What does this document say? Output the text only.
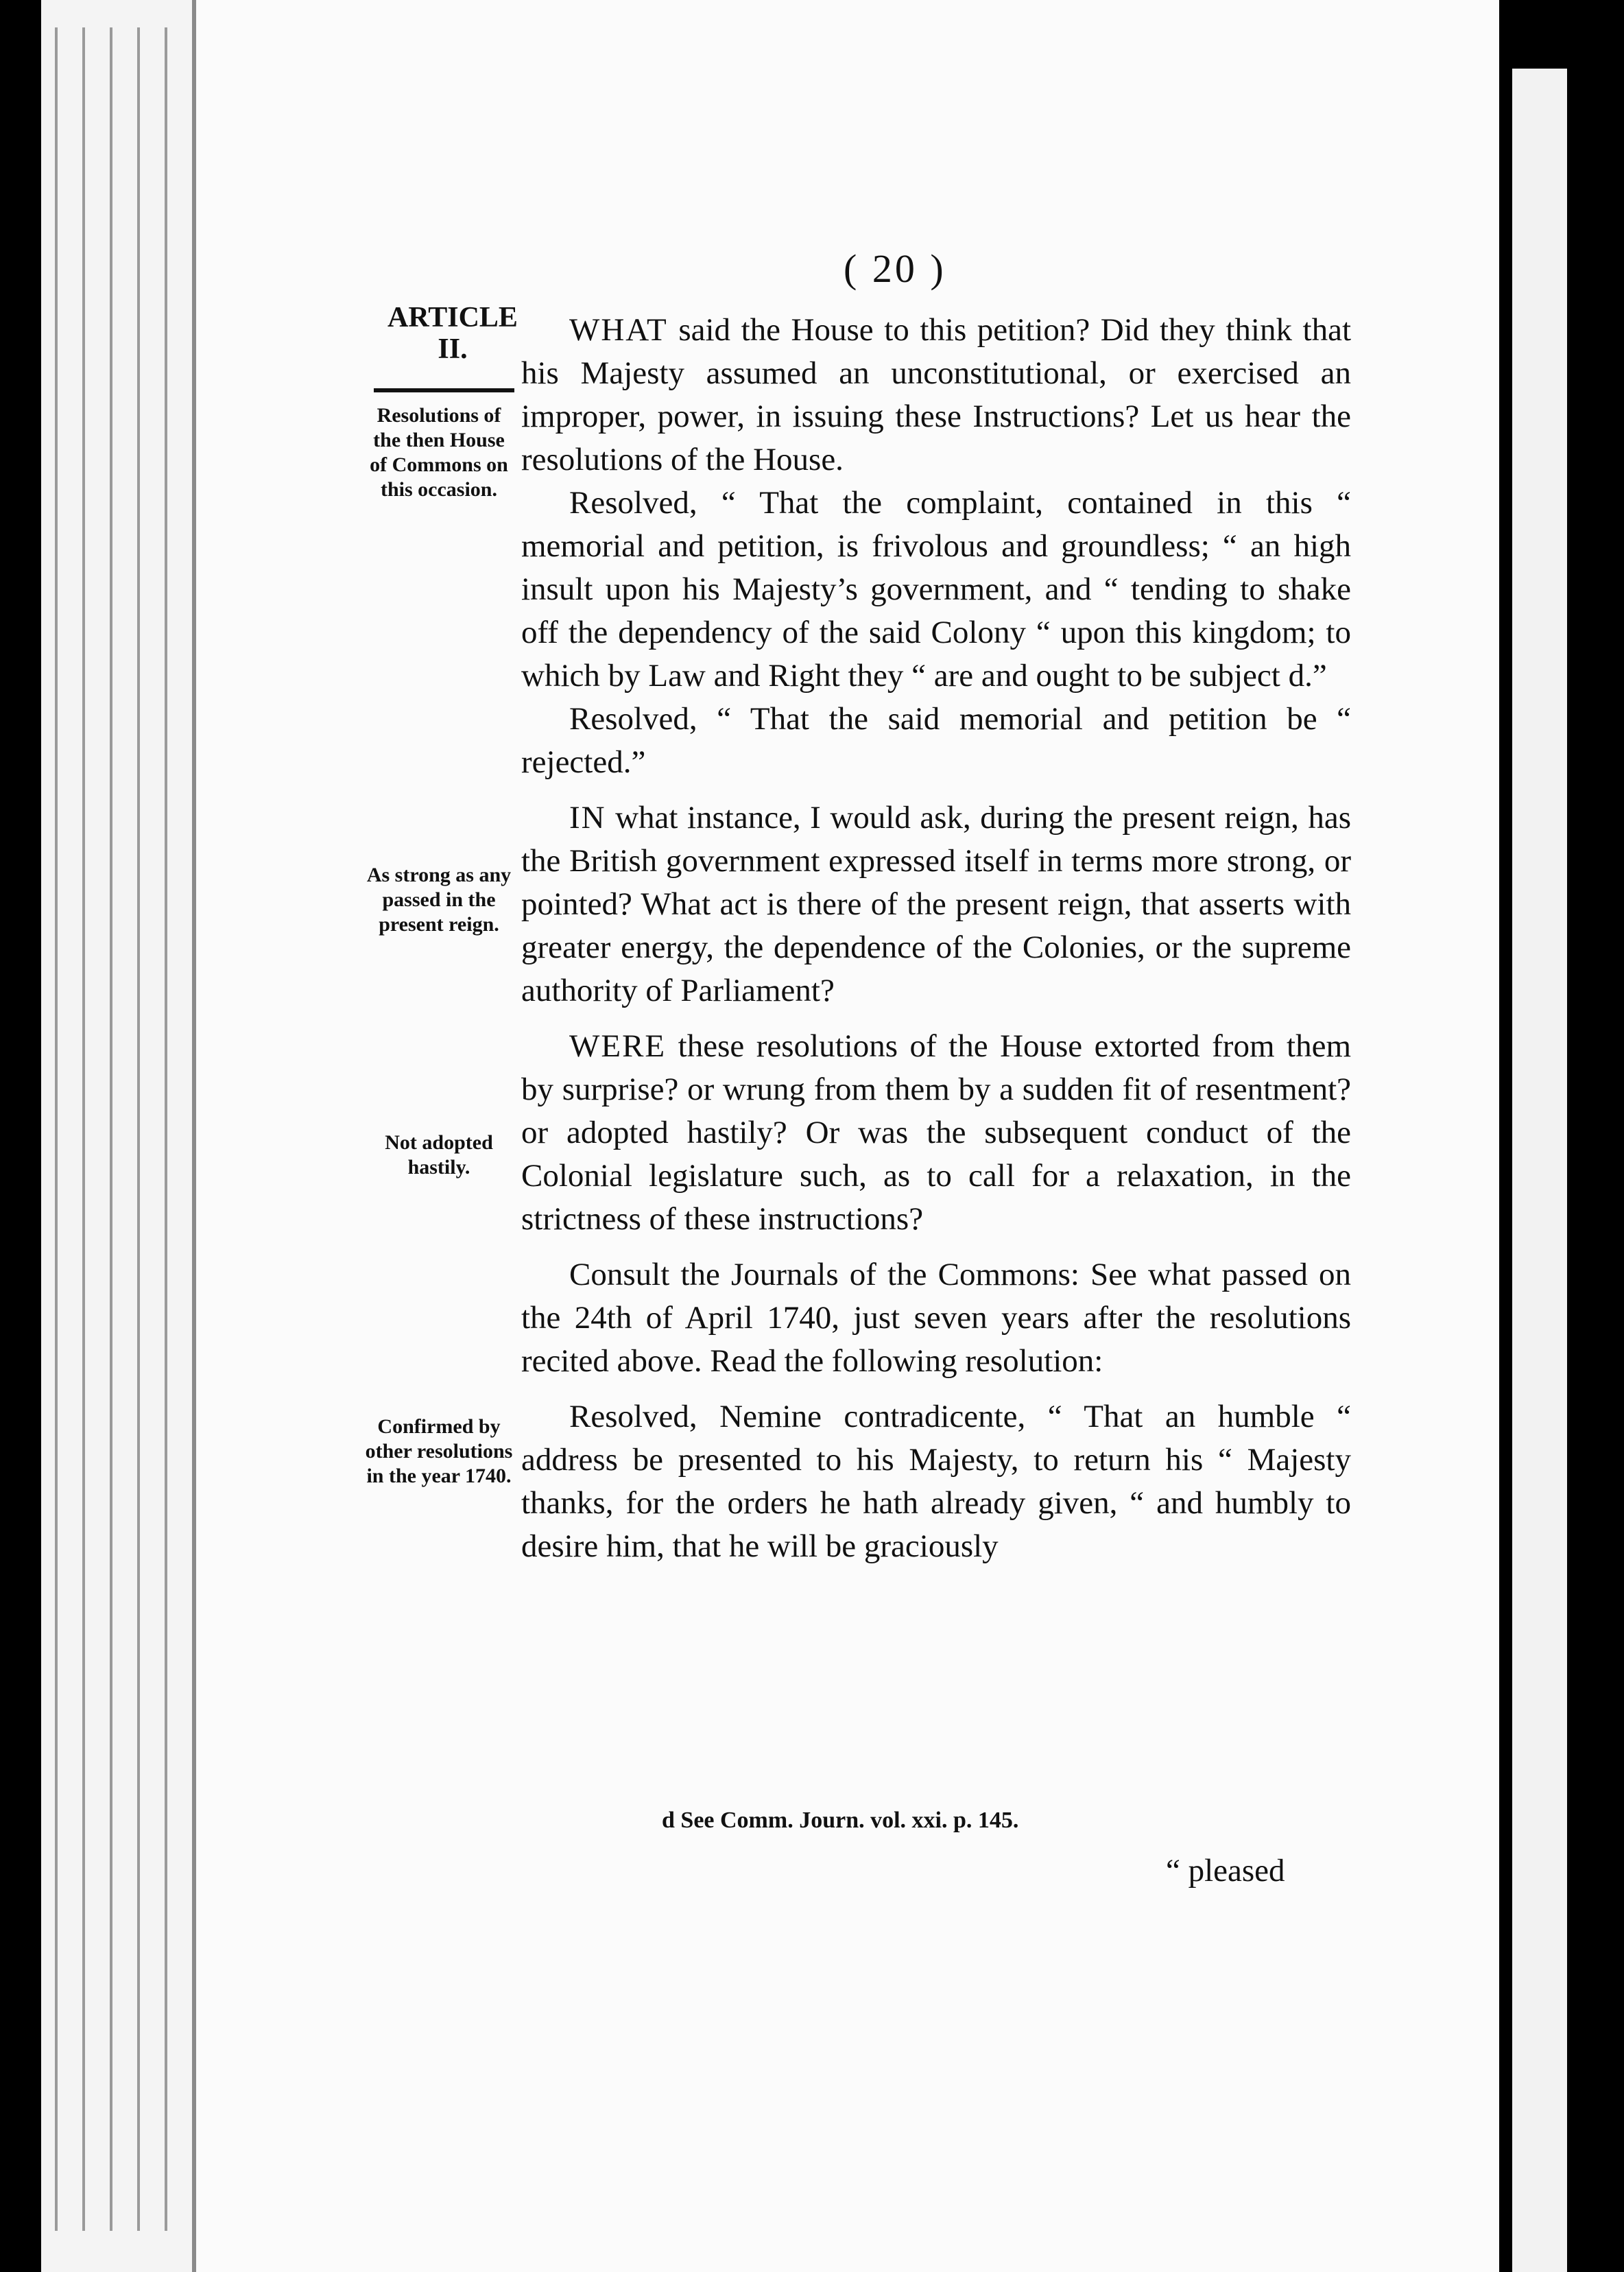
( 20 )
ARTICLE
II.
Resolutions of the then House of Commons on this occasion.
As strong as any passed in the present reign.
Not adopted hastily.
Confirmed by other resolutions in the year 1740.

WHAT said the House to this petition? Did they think that his Majesty assumed an unconstitutional, or exercised an improper, power, in issuing these Instructions? Let us hear the resolutions of the House.

Resolved, “ That the complaint, contained in this “ memorial and petition, is frivolous and groundless; “ an high insult upon his Majesty’s government, and “ tending to shake off the dependency of the said Colony “ upon this kingdom; to which by Law and Right they “ are and ought to be subject d.”

Resolved, “ That the said memorial and petition be “ rejected.”

IN what instance, I would ask, during the present reign, has the British government expressed itself in terms more strong, or pointed? What act is there of the present reign, that asserts with greater energy, the dependence of the Colonies, or the supreme authority of Parliament?

WERE these resolutions of the House extorted from them by surprise? or wrung from them by a sudden fit of resentment? or adopted hastily? Or was the subsequent conduct of the Colonial legislature such, as to call for a relaxation, in the strictness of these instructions?

Consult the Journals of the Commons: See what passed on the 24th of April 1740, just seven years after the resolutions recited above. Read the following resolution:

Resolved, Nemine contradicente, “ That an humble “ address be presented to his Majesty, to return his “ Majesty thanks, for the orders he hath already given, “ and humbly to desire him, that he will be graciously

d See Comm. Journ. vol. xxi. p. 145.
“ pleased
